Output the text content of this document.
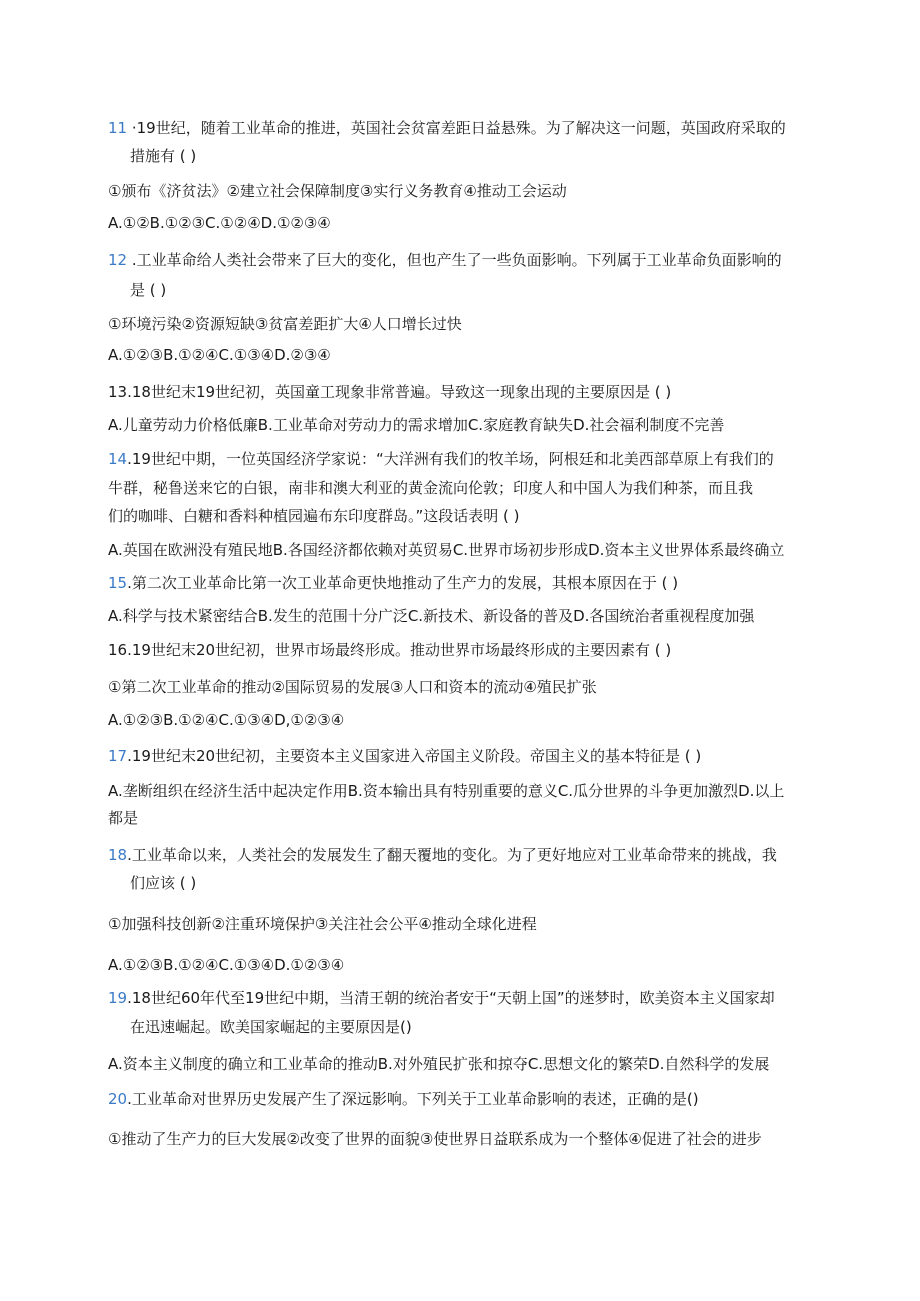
11 ·19世纪，随着工业革命的推进，英国社会贫富差距日益悬殊。为了解决这一问题，英国政府采取的
措施有 ( )
①颁布《济贫法》②建立社会保障制度③实行义务教育④推动工会运动
A.①②B.①②③C.①②④D.①②③④
12 .工业革命给人类社会带来了巨大的变化，但也产生了一些负面影响。下列属于工业革命负面影响的
是 ( )
①环境污染②资源短缺③贫富差距扩大④人口增长过快
A.①②③B.①②④C.①③④D.②③④
13.18世纪末19世纪初，英国童工现象非常普遍。导致这一现象出现的主要原因是 ( )
A.儿童劳动力价格低廉B.工业革命对劳动力的需求增加C.家庭教育缺失D.社会福利制度不完善
14.19世纪中期，一位英国经济学家说：“大洋洲有我们的牧羊场，阿根廷和北美西部草原上有我们的
牛群，秘鲁送来它的白银，南非和澳大利亚的黄金流向伦敦；印度人和中国人为我们种茶，而且我
们的咖啡、白糖和香料种植园遍布东印度群岛。”这段话表明 ( )
A.英国在欧洲没有殖民地B.各国经济都依赖对英贸易C.世界市场初步形成D.资本主义世界体系最终确立
15.第二次工业革命比第一次工业革命更快地推动了生产力的发展，其根本原因在于 ( )
A.科学与技术紧密结合B.发生的范围十分广泛C.新技术、新设备的普及D.各国统治者重视程度加强
16.19世纪末20世纪初，世界市场最终形成。推动世界市场最终形成的主要因素有 ( )
①第二次工业革命的推动②国际贸易的发展③人口和资本的流动④殖民扩张
A.①②③B.①②④C.①③④D,①②③④
17.19世纪末20世纪初，主要资本主义国家进入帝国主义阶段。帝国主义的基本特征是 ( )
A.垄断组织在经济生活中起决定作用B.资本输出具有特别重要的意义C.瓜分世界的斗争更加激烈D.以上
都是
18.工业革命以来，人类社会的发展发生了翻天覆地的变化。为了更好地应对工业革命带来的挑战，我
们应该 ( )
①加强科技创新②注重环境保护③关注社会公平④推动全球化进程
A.①②③B.①②④C.①③④D.①②③④
19.18世纪60年代至19世纪中期，当清王朝的统治者安于“天朝上国”的迷梦时，欧美资本主义国家却
在迅速崛起。欧美国家崛起的主要原因是()
A.资本主义制度的确立和工业革命的推动B.对外殖民扩张和掠夺C.思想文化的繁荣D.自然科学的发展
20.工业革命对世界历史发展产生了深远影响。下列关于工业革命影响的表述，正确的是()
①推动了生产力的巨大发展②改变了世界的面貌③使世界日益联系成为一个整体④促进了社会的进步
